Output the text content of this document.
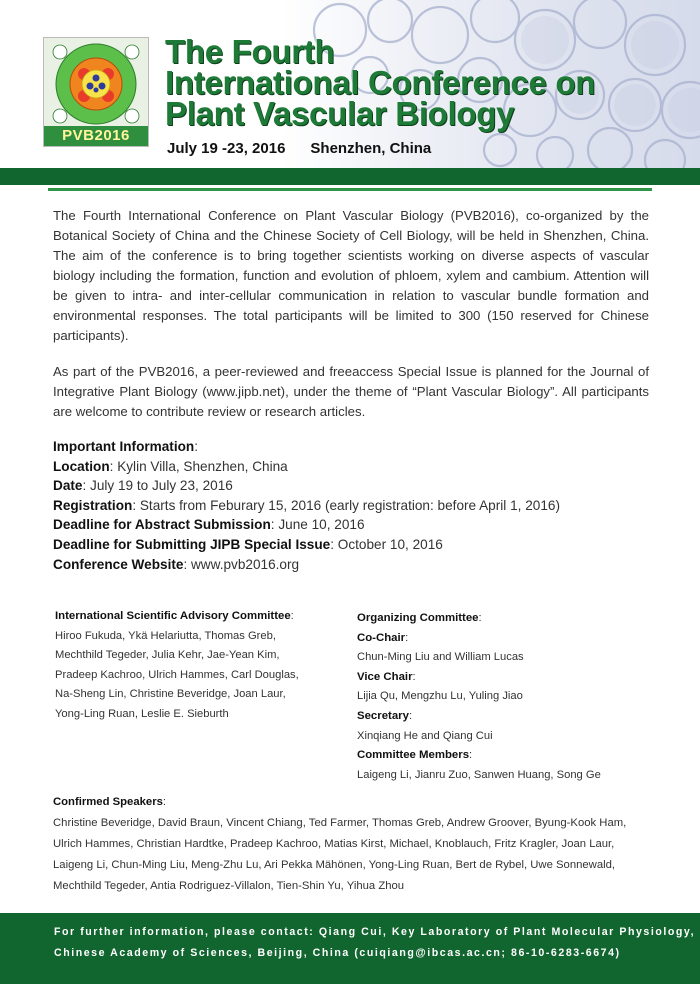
PVB2016
The Fourth
International Conference on
Plant Vascular Biology
July 19 -23, 2016      Shenzhen, China

The Fourth International Conference on Plant Vascular Biology (PVB2016), co-organized by the Botanical Society of China and the Chinese Society of Cell Biology, will be held in Shenzhen, China. The aim of the conference is to bring together scientists working on diverse aspects of vascular biology including the formation, function and evolution of phloem, xylem and cambium. Attention will be given to intra- and inter-cellular communication in relation to vascular bundle formation and environmental responses. The total participants will be limited to 300 (150 reserved for Chinese participants).

As part of the PVB2016, a peer-reviewed and freeaccess Special Issue is planned for the Journal of Integrative Plant Biology (www.jipb.net), under the theme of “Plant Vascular Biology”. All participants are welcome to contribute review or research articles.

Important Information:
Location: Kylin Villa, Shenzhen, China
Date: July 19 to July 23, 2016
Registration: Starts from Feburary 15, 2016 (early registration: before April 1, 2016)
Deadline for Abstract Submission: June 10, 2016
Deadline for Submitting JIPB Special Issue: October 10, 2016
Conference Website: www.pvb2016.org
International Scientific Advisory Committee:
Hiroo Fukuda, Ykä Helariutta, Thomas Greb,
Mechthild Tegeder, Julia Kehr, Jae-Yean Kim,
Pradeep Kachroo, Ulrich Hammes, Carl Douglas,
Na-Sheng Lin, Christine Beveridge, Joan Laur,
Yong-Ling Ruan, Leslie E. Sieburth
Organizing Committee:
Co-Chair:
Chun-Ming Liu and William Lucas
Vice Chair:
Lijia Qu, Mengzhu Lu, Yuling Jiao
Secretary:
Xinqiang He and Qiang Cui
Committee Members:
Laigeng Li, Jianru Zuo, Sanwen Huang, Song Ge
Confirmed Speakers:
Christine Beveridge, David Braun, Vincent Chiang, Ted Farmer, Thomas Greb, Andrew Groover, Byung-Kook Ham,
Ulrich Hammes, Christian Hardtke, Pradeep Kachroo, Matias Kirst, Michael, Knoblauch, Fritz Kragler, Joan Laur,
Laigeng Li, Chun-Ming Liu, Meng-Zhu Lu, Ari Pekka Mähönen, Yong-Ling Ruan, Bert de Rybel, Uwe Sonnewald,
Mechthild Tegeder, Antia Rodriguez-Villalon, Tien-Shin Yu, Yihua Zhou
For further information, please contact: Qiang Cui, Key Laboratory of Plant Molecular Physiology,
Chinese Academy of Sciences, Beijing, China (cuiqiang@ibcas.ac.cn; 86-10-6283-6674)
